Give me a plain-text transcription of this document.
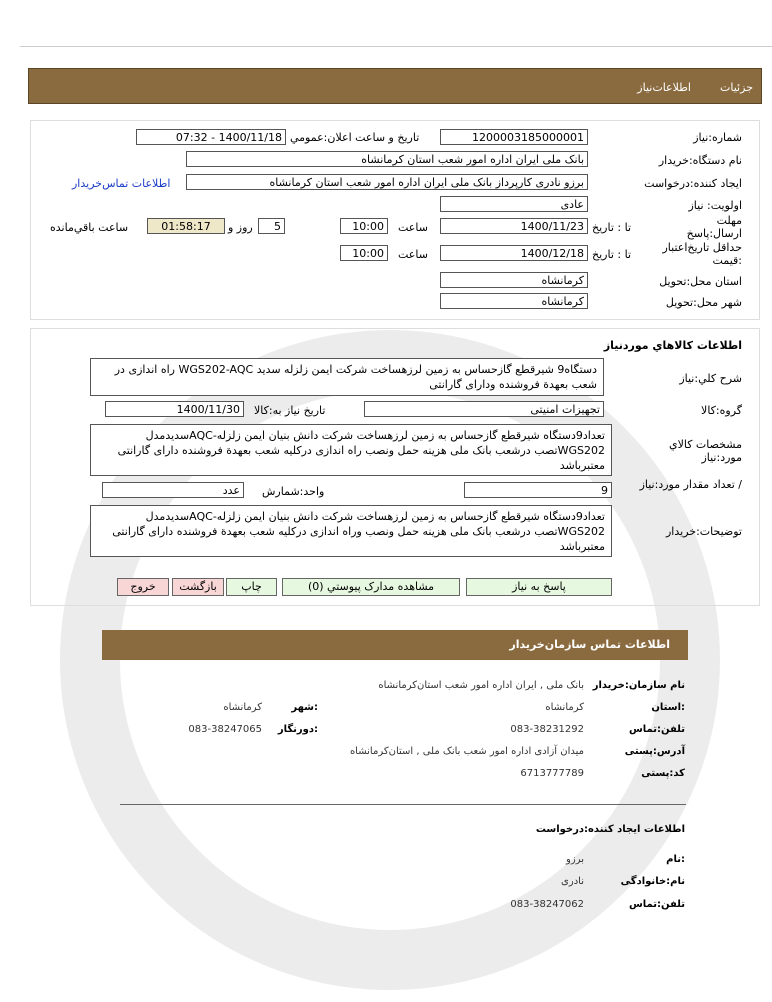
جزئیات
اطلاعات‌نیاز
شماره‌:نیاز
1200003185000001
تاریخ و ساعت اعلان:عمومي
1400/11/18 - 07:32
نام دستگاه‌:خریدار
بانک ملی ایران اداره امور شعب استان کرمانشاه
ایجاد کننده‌:درخواست
برزو نادری کارپرداز بانک ملی ایران اداره امور شعب استان کرمانشاه
اطلاعات تماس‌خریدار
اولویت: نیاز
عادی
مهلت ارسال‌:پاسخ
تا : تاریخ
1400/11/23
ساعت
10:00
5
روز و
01:58:17
ساعت باقي‌مانده
حداقل تاریخ‌اعتبار :قیمت
تا : تاریخ
1400/12/18
ساعت
10:00
استان محل‌:تحویل
کرمانشاه
شهر محل‌:تحویل
کرمانشاه
اطلاعات کالاهاي مورد‌نیاز
شرح کلي‌:نیاز
دستگاه9 شیرقطع گازحساس به زمین لرزهساخت شرکت ایمن زلزله سدید WGS202-AQC راه اندازی در شعب بعهدة فروشنده ودارای گارانتی
گروه‌:کالا
تجهیزات امنیتی
تاریخ نیاز به‌:کالا
1400/11/30
مشخصات کالاي مورد‌:نیاز
تعداد9دستگاه شیرقطع گازحساس به زمین لرزهساخت شرکت دانش بنیان ایمن زلزله-AQCسدیدمدل WGS202تصب درشعب بانک ملی هزینه حمل ونصب راه اندازی درکلیه شعب بعهدة فروشنده دارای گارانتی معتبرباشد
/ تعداد مقدار مورد‌:نیاز
9
واحد‌:شمارش
عدد
توضیحات‌:خریدار
تعداد9دستگاه شیرقطع گازحساس به زمین لرزهساخت شرکت دانش بنیان ایمن زلزله-AQCسدیدمدل WGS202تصب درشعب بانک ملی هزینه حمل ونصب وراه اندازی درکلیه شعب بعهدة فروشنده دارای گارانتی معتبرباشد
پاسخ به نیاز
مشاهده مدارک پیوستي (0)
چاپ
بازگشت
خروج
اطلاعات تماس سازمان‌خریدار
نام سازمان‌:خریدار
بانک ملی , ایران اداره امور شعب استان‌کرمانشاه
:استان
کرمانشاه
:شهر
کرمانشاه
تلفن‌:تماس
083-38231292
:دورنگار
083-38247065
آدرس‌:پستی
میدان آزادی اداره امور شعب بانک ملی , استان‌کرمانشاه
کد‌:پستی
6713777789
اطلاعات ایجاد کننده‌:درخواست
:نام
برزو
نام‌:خانوادگی
نادری
تلفن‌:تماس
083-38247062
